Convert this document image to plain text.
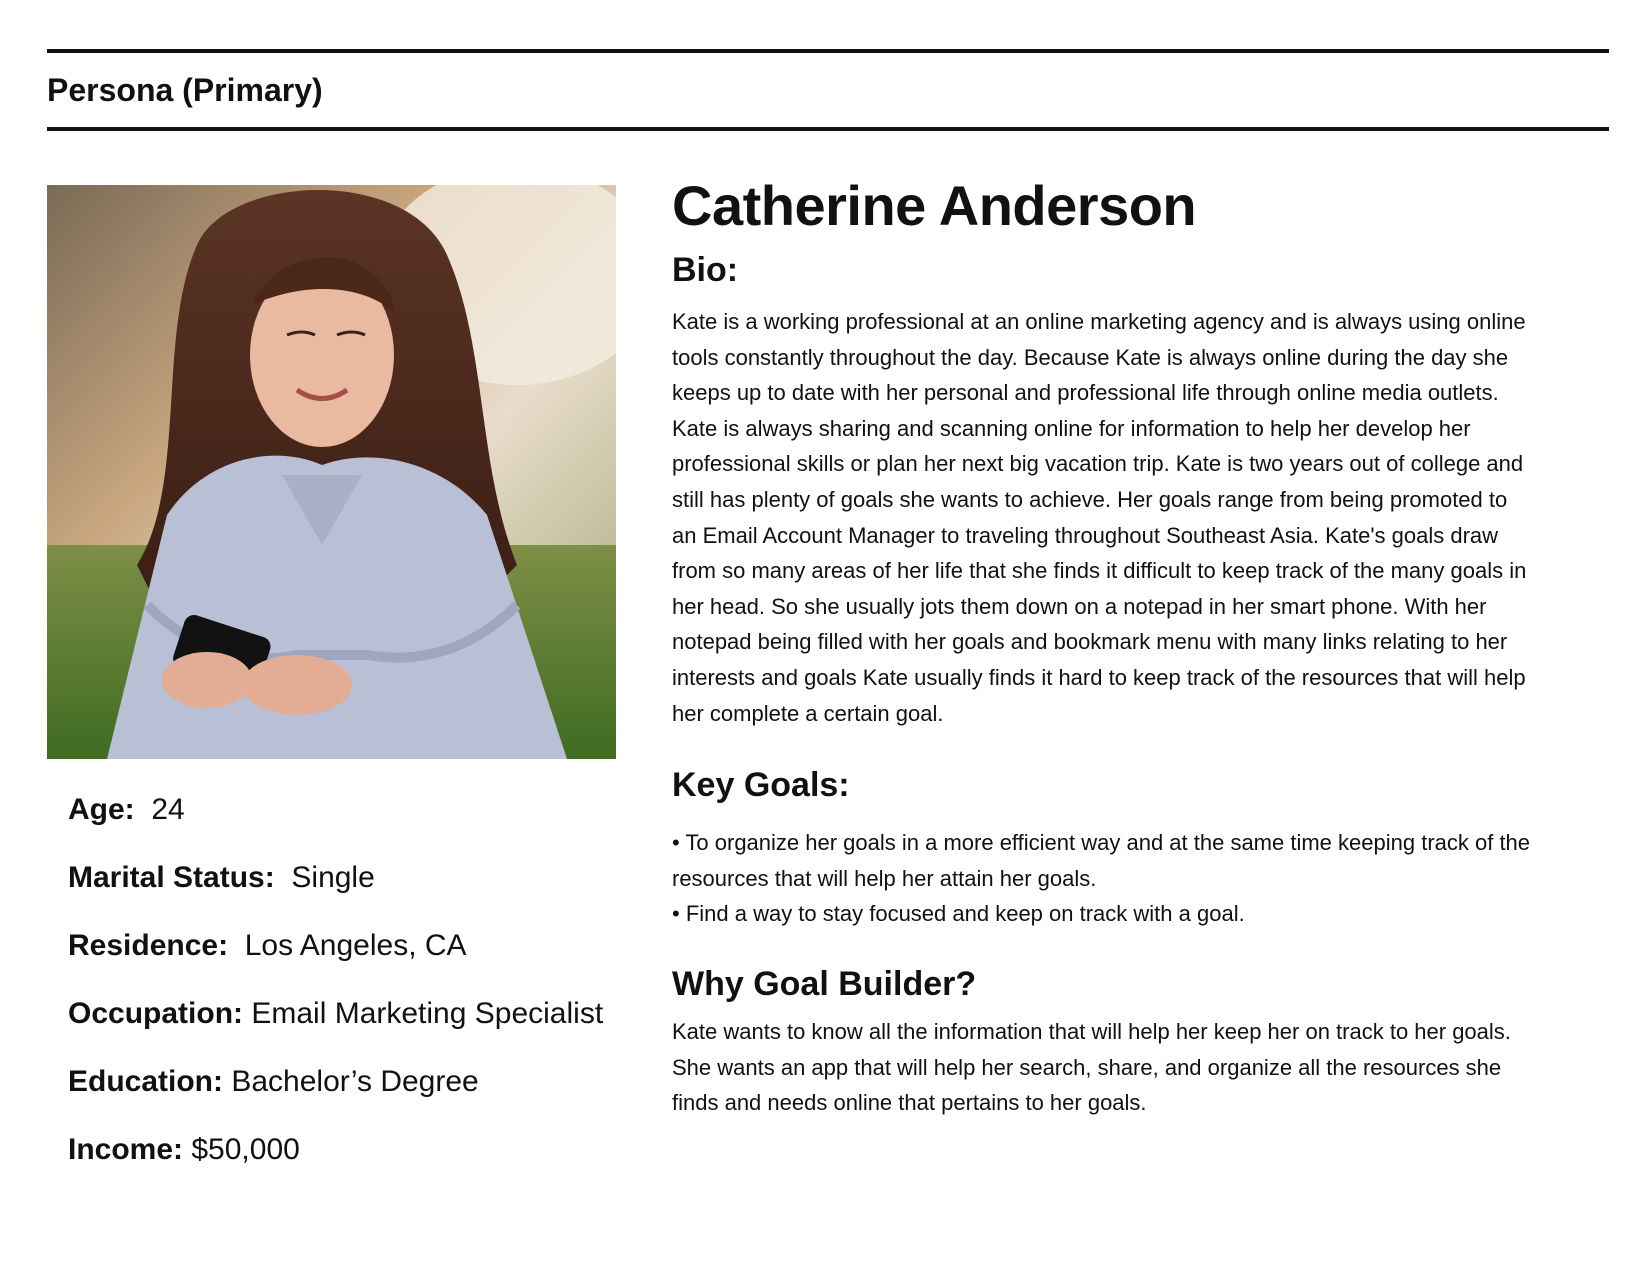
Persona (Primary)
Age: 24
Marital Status: Single
Residence: Los Angeles, CA
Occupation: Email Marketing Specialist
Education: Bachelor’s Degree
Income: $50,000
Catherine Anderson
Bio:
Kate is a working professional at an online marketing agency and is always using online
tools constantly throughout the day. Because Kate is always online during the day she
keeps up to date with her personal and professional life through online media outlets.
Kate is always sharing and scanning online for information to help her develop her
professional skills or plan her next big vacation trip. Kate is two years out of college and
still has plenty of goals she wants to achieve. Her goals range from being promoted to
an Email Account Manager to traveling throughout Southeast Asia. Kate's goals draw
from so many areas of her life that she finds it difficult to keep track of the many goals in
her head. So she usually jots them down on a notepad in her smart phone. With her
notepad being filled with her goals and bookmark menu with many links relating to her
interests and goals Kate usually finds it hard to keep track of the resources that will help
her complete a certain goal.
Key Goals:
• To organize her goals in a more efficient way and at the same time keeping track of the
resources that will help her attain her goals.
• Find a way to stay focused and keep on track with a goal.
Why Goal Builder?
Kate wants to know all the information that will help her keep her on track to her goals.
She wants an app that will help her search, share, and organize all the resources she
finds and needs online that pertains to her goals.
